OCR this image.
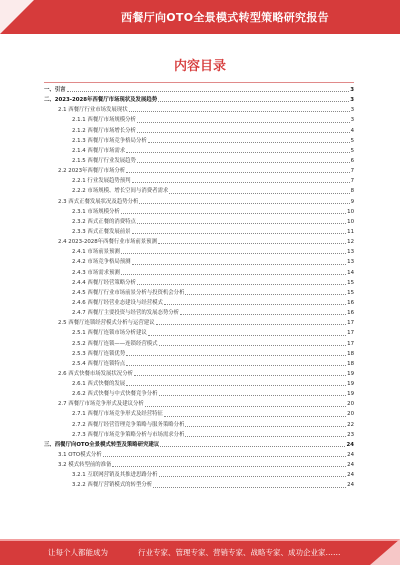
西餐厅向OTO全景模式转型策略研究报告
内容目录
一、引言	3
二、2023-2028年西餐厅市场现状及发展趋势	3
2.1 西餐厅行业市场发展现状	3
2.1.1 西餐厅市场规模分析	3
2.1.2 西餐厅市场增长分析	4
2.1.3 西餐厅市场竞争格局分析	5
2.1.4 西餐厅市场需求	5
2.1.5 西餐厅行业发展趋势	6
2.2 2023年西餐厅市场分析	7
2.2.1 行业发展趋势预判	7
2.2.2 市场规模、增长空间与消费者需求	8
2.3 西式正餐发展状况及趋势分析	9
2.3.1 市场规模分析	10
2.3.2 西式正餐的消费特点	10
2.3.3 西式正餐发展前景	11
2.4 2023-2028年西餐行业市场前景预测	12
2.4.1 市场前景预测	13
2.4.2 市场竞争格局预测	13
2.4.3 市场需求预测	14
2.4.4 西餐厅经营策略分析	15
2.4.5 西餐厅行业市场前景分析与投资机会分析	15
2.4.6 西餐厅经营业态建设与经营模式	16
2.4.7 西餐厅主要投资与经营的发展态势分析	16
2.5 西餐厅连锁经营模式分析与运营建议	17
2.5.1 西餐厅连锁市场分析建议	17
2.5.2 西餐厅连锁——连锁经营模式	17
2.5.3 西餐厅连锁优势	18
2.5.4 西餐厅连锁特点	18
2.6 西式快餐市场发展状况分析	19
2.6.1 西式快餐的发展	19
2.6.2 西式快餐与中式快餐竞争分析	19
2.7 西餐厅市场竞争形式及建议分析	20
2.7.1 西餐厅市场竞争形式及经营特征	20
2.7.2 西餐厅经营管理竞争策略与服务策略分析	22
2.7.3 西餐厅市场竞争策略分析与市场需求分析	23
三、西餐厅向OTO全景模式转型及策略研究建议	24
3.1 OTO模式分析	24
3.2 模式转型前的准备	24
3.2.1 互联网营销及其推进思路分析	24
3.2.2 西餐厅营销模式的转型分析	24
让每个人都能成为	行业专家、管理专家、营销专家、战略专家、成功企业家……
